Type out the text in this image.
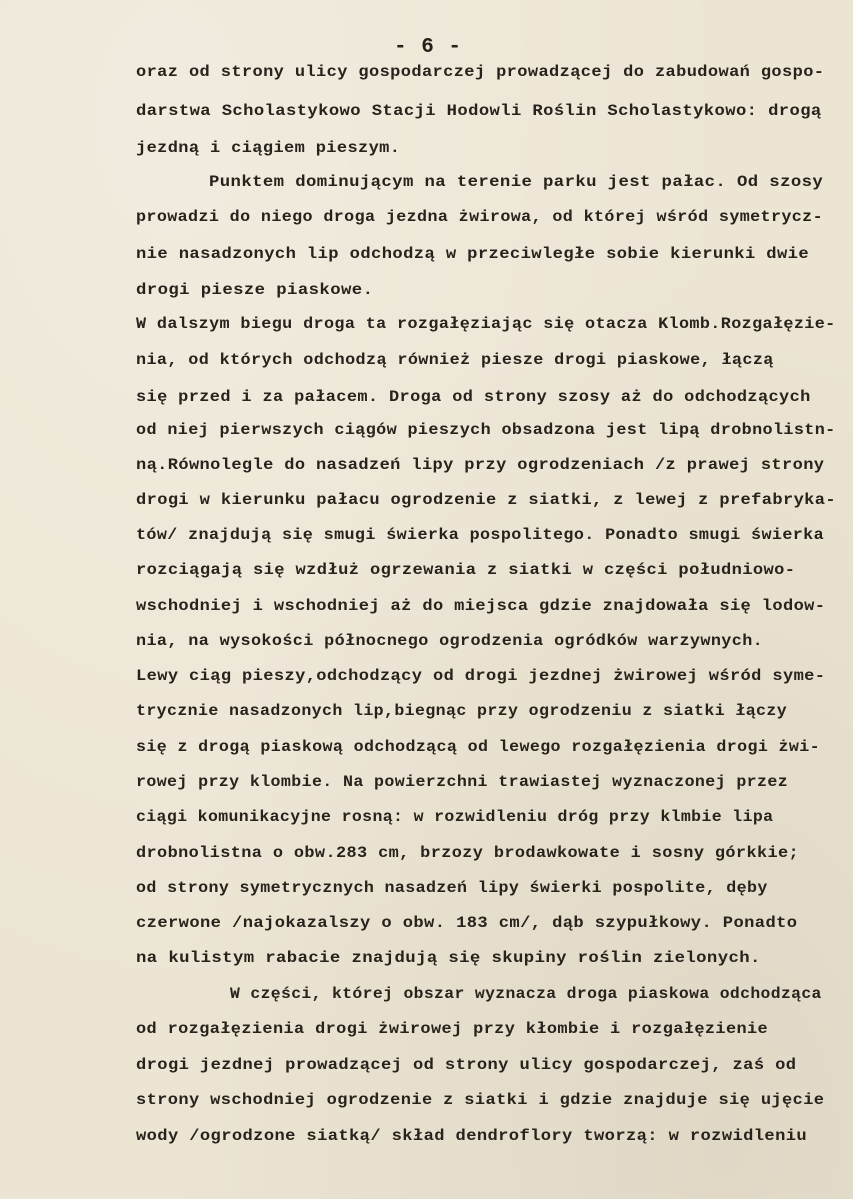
- 6 -
oraz od strony ulicy gospodarczej prowadzącej do zabudowań gospo-
darstwa Scholastykowo Stacji Hodowli Roślin Scholastykowo: drogą
jezdną i ciągiem pieszym.
Punktem dominującym na terenie parku jest pałac. Od szosy
prowadzi do niego droga jezdna żwirowa, od której wśród symetrycz-
nie nasadzonych lip odchodzą w przeciwległe sobie kierunki dwie
drogi piesze piaskowe.
W dalszym biegu droga ta rozgałęziając się otacza Klomb.Rozgałęzie-
nia, od których odchodzą również piesze drogi piaskowe, łączą
się przed i za pałacem. Droga od strony szosy aż do odchodzących
od niej pierwszych ciągów pieszych obsadzona jest lipą drobnolistn-
ną.Równolegle do nasadzeń lipy przy ogrodzeniach /z prawej strony
drogi w kierunku pałacu ogrodzenie z siatki, z lewej z prefabryka-
tów/ znajdują się smugi świerka pospolitego. Ponadto smugi świerka
rozciągają się wzdłuż ogrzewania z siatki w części południowo-
wschodniej i wschodniej aż do miejsca gdzie znajdowała się lodow-
nia, na wysokości północnego ogrodzenia ogródków warzywnych.
Lewy ciąg pieszy,odchodzący od drogi jezdnej żwirowej wśród syme-
trycznie nasadzonych lip,biegnąc przy ogrodzeniu z siatki łączy
się z drogą piaskową odchodzącą od lewego rozgałęzienia drogi żwi-
rowej przy klombie. Na powierzchni trawiastej wyznaczonej przez
ciągi komunikacyjne rosną: w rozwidleniu dróg przy klmbie lipa
drobnolistna o obw.283 cm, brzozy brodawkowate i sosny górkkie;
od strony symetrycznych nasadzeń lipy świerki pospolite, dęby
czerwone /najokazalszy o obw. 183 cm/, dąb szypułkowy. Ponadto
na kulistym rabacie znajdują się skupiny roślin zielonych.
W części, której obszar wyznacza droga piaskowa odchodząca
od rozgałęzienia drogi żwirowej przy kłombie i rozgałęzienie
drogi jezdnej prowadzącej od strony ulicy gospodarczej, zaś od
strony wschodniej ogrodzenie z siatki i gdzie znajduje się ujęcie
wody /ogrodzone siatką/ skład dendroflory tworzą: w rozwidleniu
